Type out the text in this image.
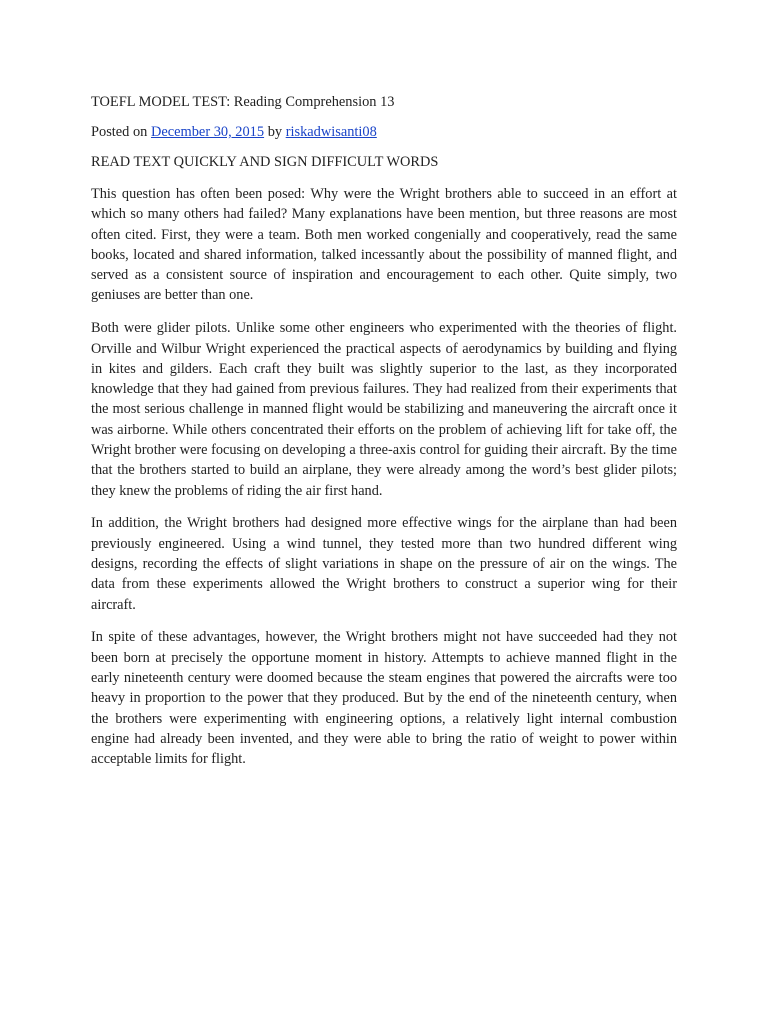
TOEFL MODEL TEST: Reading Comprehension 13
Posted on December 30, 2015 by riskadwisanti08
READ TEXT QUICKLY AND SIGN DIFFICULT WORDS

This question has often been posed: Why were the Wright brothers able to succeed in an effort at which so many others had failed? Many explanations have been mention, but three reasons are most often cited. First, they were a team. Both men worked congenially and cooperatively, read the same books, located and shared information, talked incessantly about the possibility of manned flight, and served as a consistent source of inspiration and encouragement to each other. Quite simply, two geniuses are better than one.

Both were glider pilots. Unlike some other engineers who experimented with the theories of flight. Orville and Wilbur Wright experienced the practical aspects of aerodynamics by building and flying in kites and gilders. Each craft they built was slightly superior to the last, as they incorporated knowledge that they had gained from previous failures. They had realized from their experiments that the most serious challenge in manned flight would be stabilizing and maneuvering the aircraft once it was airborne. While others concentrated their efforts on the problem of achieving lift for take off, the Wright brother were focusing on developing a three-axis control for guiding their aircraft. By the time that the brothers started to build an airplane, they were already among the word’s best glider pilots; they knew the problems of riding the air first hand.

In addition, the Wright brothers had designed more effective wings for the airplane than had been previously engineered. Using a wind tunnel, they tested more than two hundred different wing designs, recording the effects of slight variations in shape on the pressure of air on the wings. The data from these experiments allowed the Wright brothers to construct a superior wing for their aircraft.

In spite of these advantages, however, the Wright brothers might not have succeeded had they not been born at precisely the opportune moment in history. Attempts to achieve manned flight in the early nineteenth century were doomed because the steam engines that powered the aircrafts were too heavy in proportion to the power that they produced. But by the end of the nineteenth century, when the brothers were experimenting with engineering options, a relatively light internal combustion engine had already been invented, and they were able to bring the ratio of weight to power within acceptable limits for flight.
